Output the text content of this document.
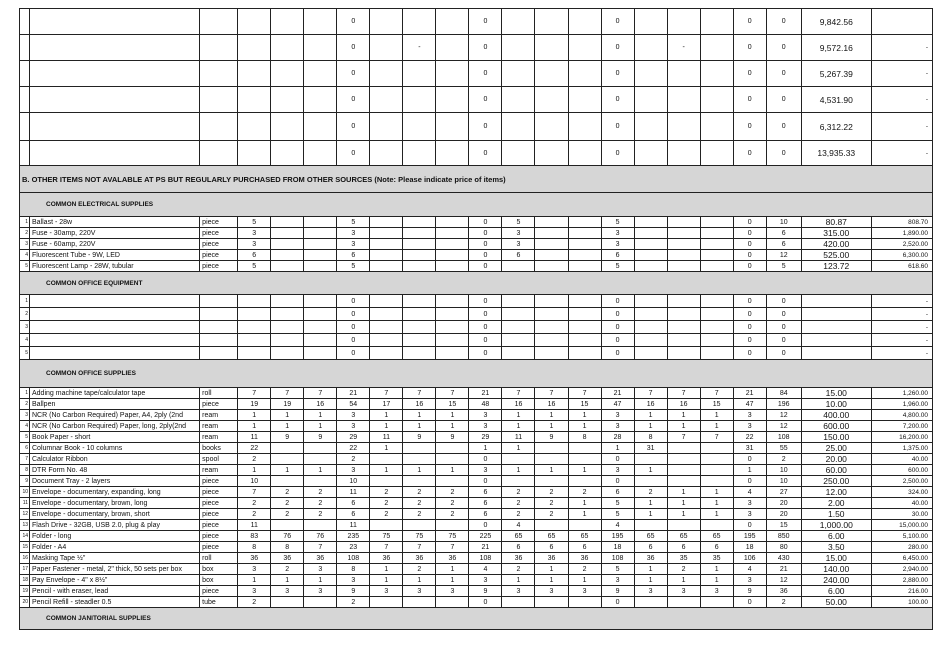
						0				0				0				0	0	9,842.56	
						0		-		0				0		-		0	0	9,572.16	-
						0				0				0				0	0	5,267.39	-
						0				0				0				0	0	4,531.90	-
						0				0				0				0	0	6,312.22	-
						0				0				0				0	0	13,935.33	-
B. OTHER ITEMS NOT AVALABLE AT PS BUT REGULARLY PURCHASED FROM OTHER SOURCES (Note: Please indicate price of items)																					
COMMON ELECTRICAL SUPPLIES																					
1	Ballast - 28w	piece	5			5				0	5			5				0	10	80.87	808.70
2	Fuse - 30amp, 220V	piece	3			3				0	3			3				0	6	315.00	1,890.00
3	Fuse - 60amp, 220V	piece	3			3				0	3			3				0	6	420.00	2,520.00
4	Fluorescent Tube - 9W, LED	piece	6			6				0	6			6				0	12	525.00	6,300.00
5	Fluorescent Lamp - 28W, tubular	piece	5			5				0				5				0	5	123.72	618.60
COMMON OFFICE EQUIPMENT																					
1						0				0				0				0	0		-
2						0				0				0				0	0		-
3						0				0				0				0	0		-
4						0				0				0				0	0		-
5						0				0				0				0	0		-
COMMON OFFICE SUPPLIES																					
1	Adding machine tape/calculator tape	roll	7	7	7	21	7	7	7	21	7	7	7	21	7	7	7	21	84	15.00	1,260.00
2	Ballpen	piece	19	19	16	54	17	16	15	48	16	16	15	47	16	16	15	47	196	10.00	1,960.00
3	NCR (No Carbon Required) Paper, A4, 2ply (2nd	ream	1	1	1	3	1	1	1	3	1	1	1	3	1	1	1	3	12	400.00	4,800.00
4	NCR (No Carbon Required) Paper, long, 2ply(2nd	ream	1	1	1	3	1	1	1	3	1	1	1	3	1	1	1	3	12	600.00	7,200.00
5	Book Paper - short	ream	11	9	9	29	11	9	9	29	11	9	8	28	8	7	7	22	108	150.00	16,200.00
6	Columnar Book - 10 columns	books	22			22	1			1	1			1	31			31	55	25.00	1,375.00
7	Calculator Ribbon	spool	2			2				0				0				0	2	20.00	40.00
8	DTR Form No. 48	ream	1	1	1	3	1	1	1	3	1	1	1	3	1			1	10	60.00	600.00
9	Document Tray - 2 layers	piece	10			10				0				0				0	10	250.00	2,500.00
10	Envelope - documentary, expanding, long	piece	7	2	2	11	2	2	2	6	2	2	2	6	2	1	1	4	27	12.00	324.00
11	Envelope - documentary, brown, long	piece	2	2	2	6	2	2	2	6	2	2	1	5	1	1	1	3	20	2.00	40.00
12	Envelope - documentary, brown, short	piece	2	2	2	6	2	2	2	6	2	2	1	5	1	1	1	3	20	1.50	30.00
13	Flash Drive - 32GB, USB 2.0, plug & play	piece	11			11				0	4			4				0	15	1,000.00	15,000.00
14	Folder - long	piece	83	76	76	235	75	75	75	225	65	65	65	195	65	65	65	195	850	6.00	5,100.00
15	Folder - A4	piece	8	8	7	23	7	7	7	21	6	6	6	18	6	6	6	18	80	3.50	280.00
16	Masking Tape ½"	roll	36	36	36	108	36	36	36	108	36	36	36	108	36	35	35	106	430	15.00	6,450.00
17	Paper Fastener - metal, 2" thick, 50 sets per box	box	3	2	3	8	1	2	1	4	2	1	2	5	1	2	1	4	21	140.00	2,940.00
18	Pay Envelope - 4" x 8½"	box	1	1	1	3	1	1	1	3	1	1	1	3	1	1	1	3	12	240.00	2,880.00
19	Pencil - with eraser, lead	piece	3	3	3	9	3	3	3	9	3	3	3	9	3	3	3	9	36	6.00	216.00
20	Pencil Refill - steadler 0.5	tube	2			2				0				0				0	2	50.00	100.00
COMMON JANITORIAL SUPPLIES																					
